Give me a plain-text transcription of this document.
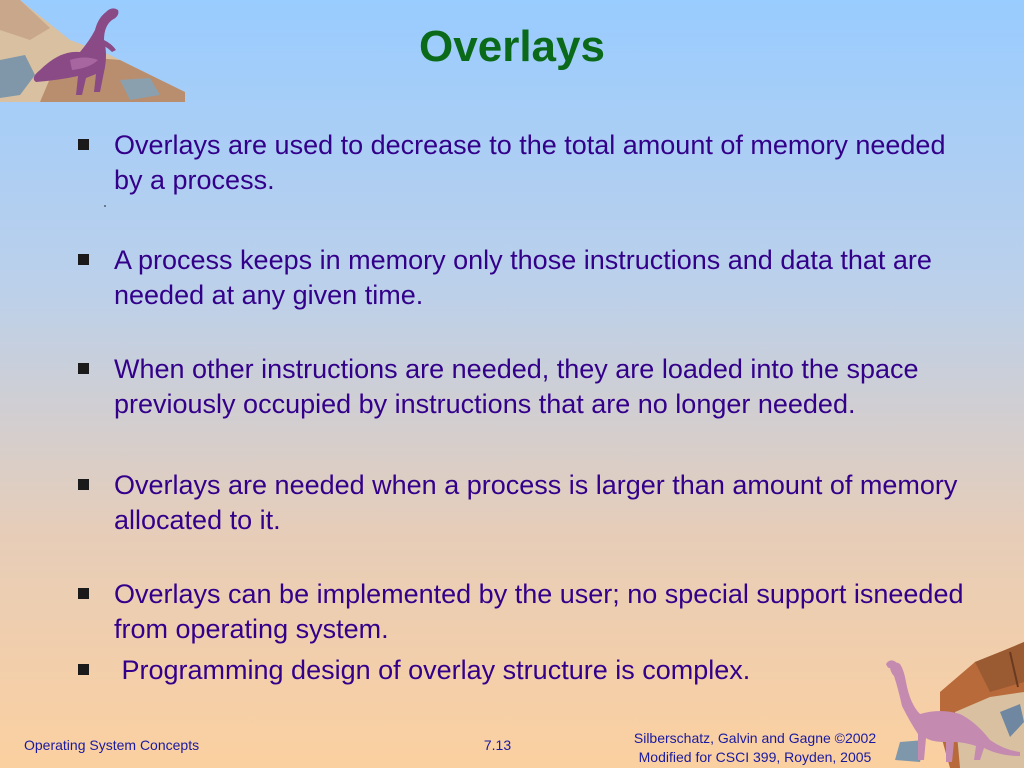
Overlays
Overlays are used to decrease to the total amount of memory needed by a process.
A process keeps in memory only those instructions and data that are needed at any given time.
When other instructions are needed, they are loaded into the space previously occupied by instructions that are no longer needed.
Overlays are needed when a process is larger than amount of memory allocated to it.
Overlays can be implemented by the user; no special support isneeded from operating system.
Programming design of overlay structure is complex.
Operating System Concepts	7.13	Silberschatz, Galvin and Gagne ©2002
Modified for CSCI 399, Royden, 2005
